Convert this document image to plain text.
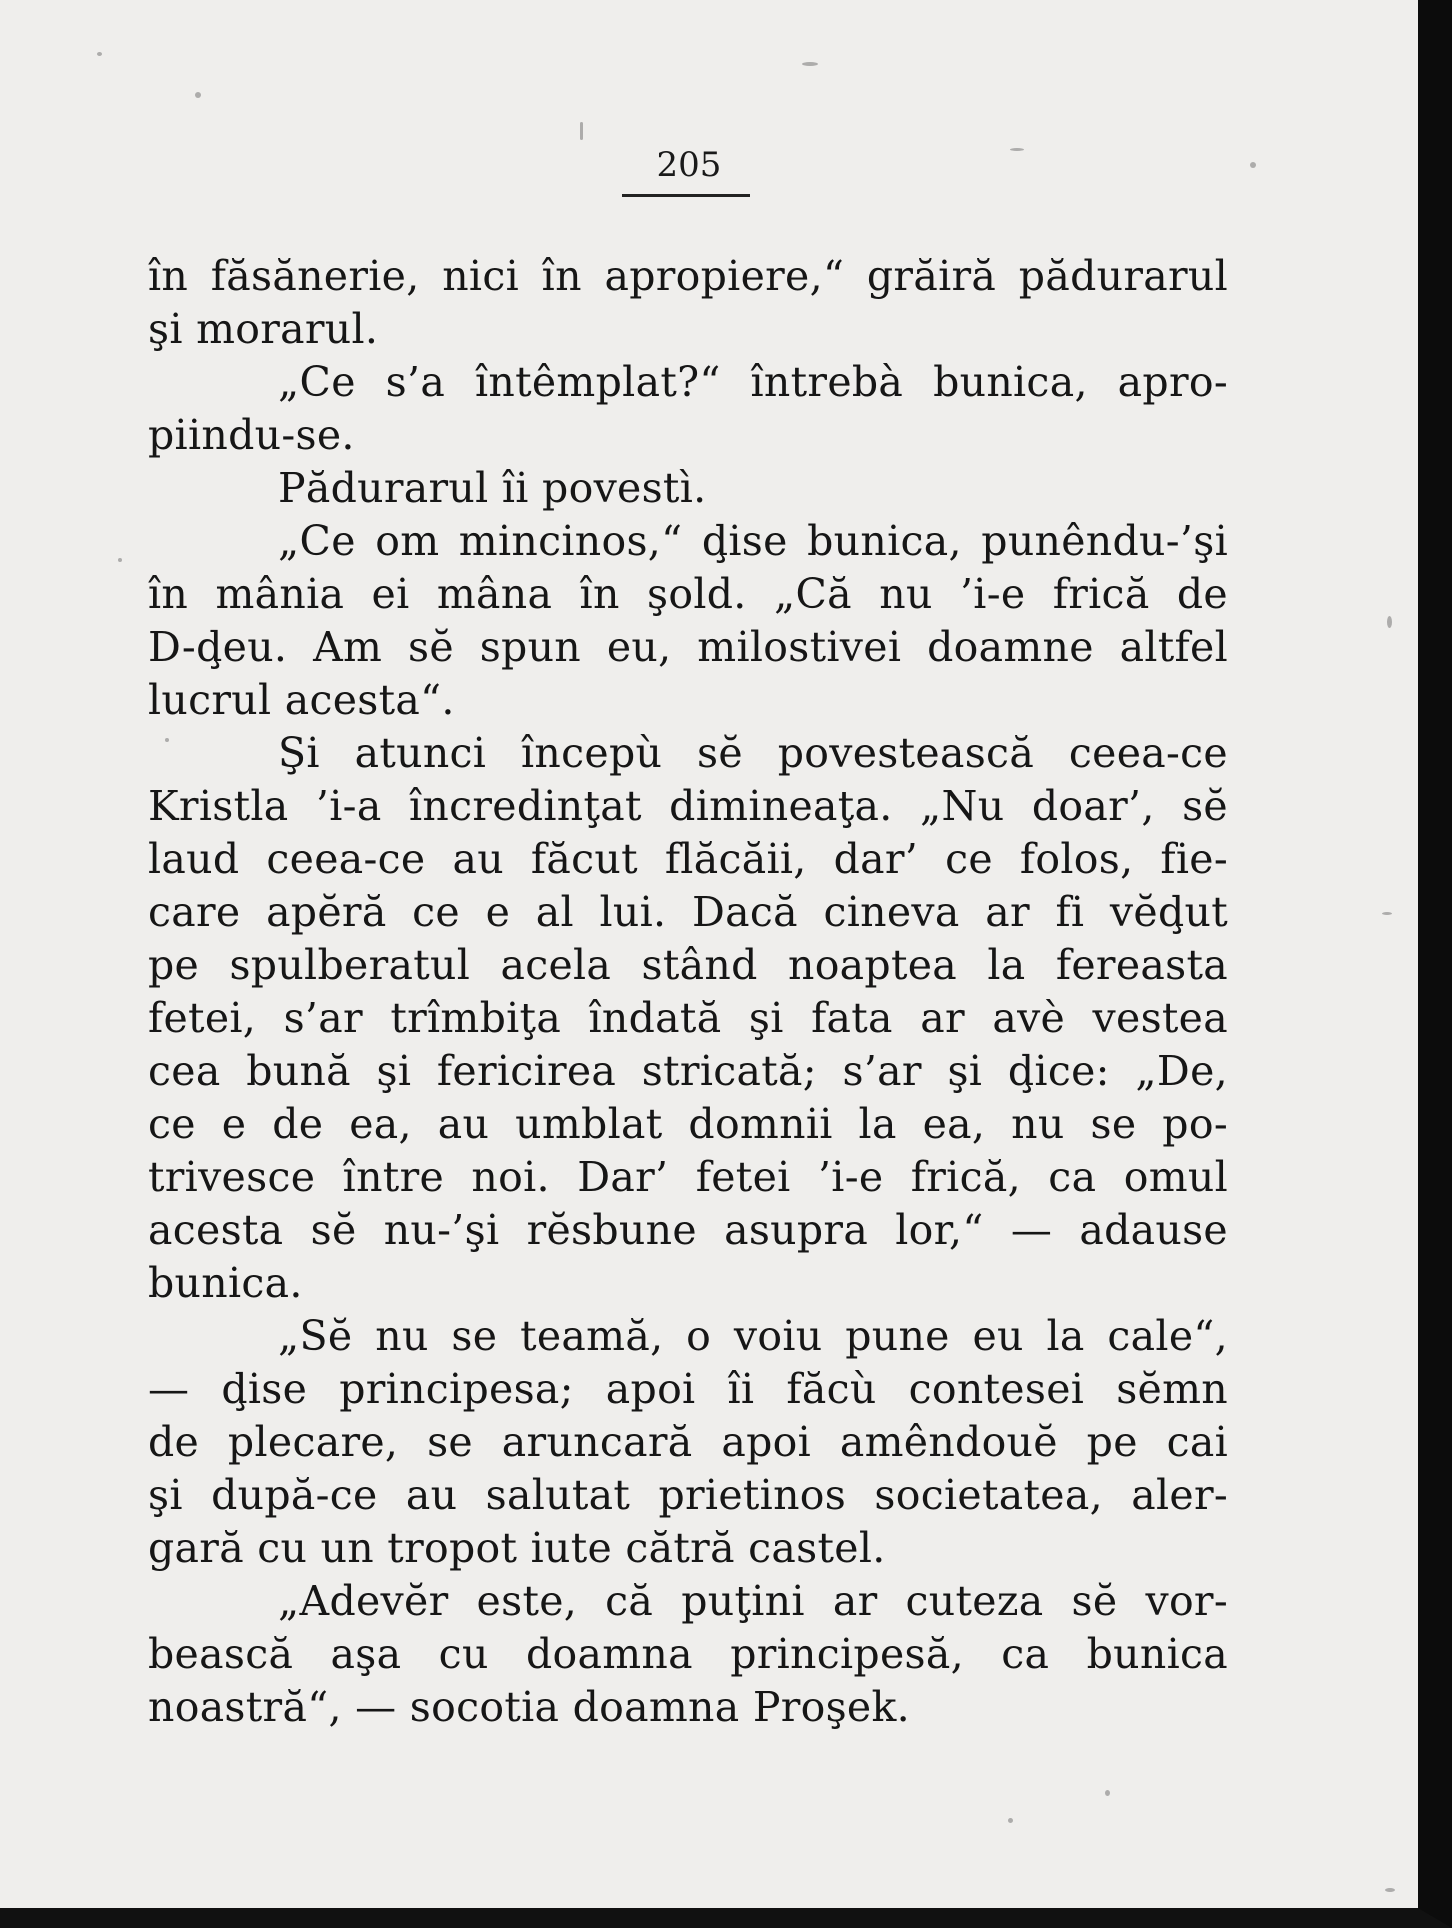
205
în făsănerie, nici în apropiere,“ grăiră pădurarul
şi morarul.
„Ce s’a întêmplat?“ întrebà bunica, apro-
piindu-se.
Pădurarul îi povestì.
„Ce om mincinos,“ ḑise bunica, punêndu-’şi
în mânia ei mâna în şold. „Că nu ’i-e frică de
D-ḑeu. Am sĕ spun eu, milostivei doamne altfel
lucrul acesta“.
Şi atunci începù sĕ povestească ceea-ce
Kristla ’i-a încredinţat dimineaţa. „Nu doar’, sĕ
laud ceea-ce au făcut flăcăii, dar’ ce folos, fie-
care apĕră ce e al lui. Dacă cineva ar fi vĕḑut
pe spulberatul acela stând noaptea la fereasta
fetei, s’ar trîmbiţa îndată şi fata ar avè vestea
cea bună şi fericirea stricată; s’ar şi ḑice: „De,
ce e de ea, au umblat domnii la ea, nu se po-
trivesce între noi. Dar’ fetei ’i-e frică, ca omul
acesta sĕ nu-’şi rĕsbune asupra lor,“ — adause
bunica.
„Sĕ nu se teamă, o voiu pune eu la cale“,
— ḑise principesa; apoi îi făcù contesei sĕmn
de plecare, se aruncară apoi amêndouĕ pe cai
şi după-ce au salutat prietinos societatea, aler-
gară cu un tropot iute cătră castel.
„Adevĕr este, că puţini ar cuteza sĕ vor-
bească aşa cu doamna principesă, ca bunica
noastră“, — socotia doamna Proşek.
